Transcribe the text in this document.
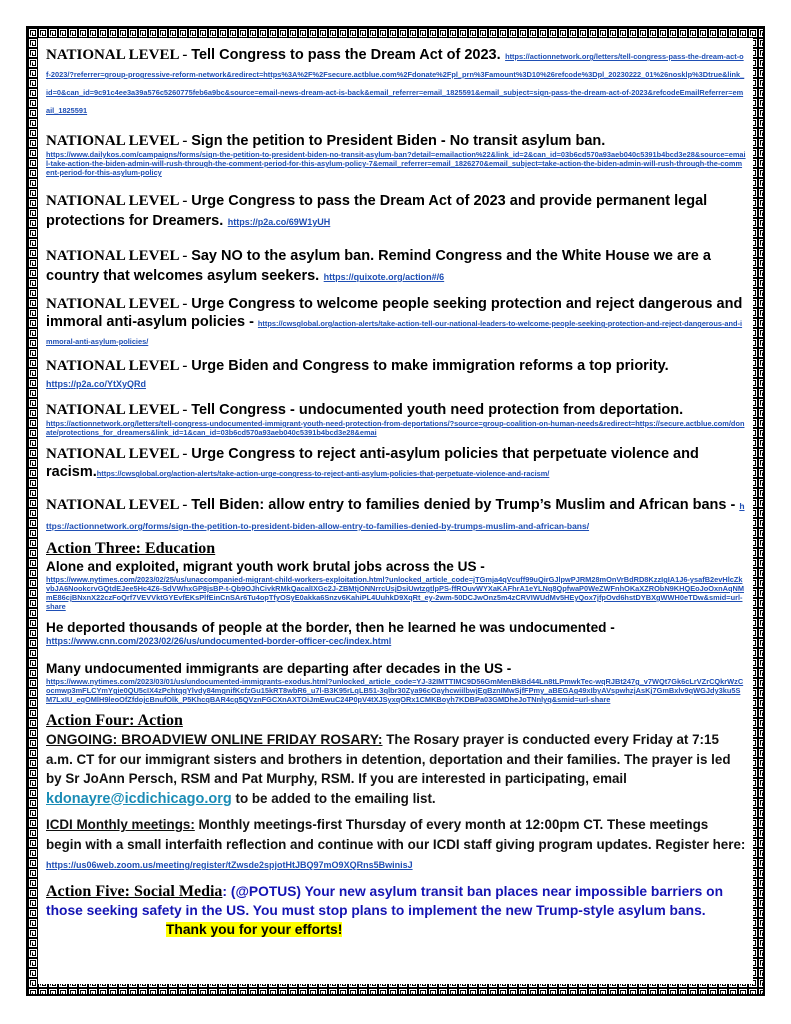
NATIONAL LEVEL - Tell Congress to pass the Dream Act of 2023. https://actionnetwork.org/letters/tell-congress-pass-the-dream-act-of-2023/?referrer=group-progressive-reform-network&redirect=https%3A%2F%2Fsecure.actblue.com%2Fdonate%2Fpl_prn%3Famount%3D10%26refcode%3Dpl_20230222_01%26nosklp%3Dtrue&link_id=0&can_id=9c91c4ee3a39a576c5260775feb6a9bc&source=email-news-dream-act-is-back&email_referrer=email_1825591&email_subject=sign-pass-the-dream-act-of-2023&refcodeEmailReferrer=email_1825591
NATIONAL LEVEL - Sign the petition to President Biden - No transit asylum ban.
https://www.dailykos.com/campaigns/forms/sign-the-petition-to-president-biden-no-transit-asylum-ban?detail=emailaction%22&link_id=2&can_id=03b6cd570a93aeb040c5391b4bcd3e28&source=email-take-action-the-biden-admin-will-rush-through-the-comment-period-for-this-asylum-policy-7&email_referrer=email_1826270&email_subject=take-action-the-biden-admin-will-rush-through-the-comment-period-for-this-asylum-policy
NATIONAL LEVEL - Urge Congress to pass the Dream Act of 2023 and provide permanent legal protections for Dreamers. https://p2a.co/69W1yUH
NATIONAL LEVEL - Say NO to the asylum ban. Remind Congress and the White House we are a country that welcomes asylum seekers. https://quixote.org/action#/6
NATIONAL LEVEL - Urge Congress to welcome people seeking protection and reject dangerous and immoral anti-asylum policies - https://cwsglobal.org/action-alerts/take-action-tell-our-national-leaders-to-welcome-people-seeking-protection-and-reject-dangerous-and-immoral-anti-asylum-policies/
NATIONAL LEVEL - Urge Biden and Congress to make immigration reforms a top priority.
https://p2a.co/YtXyQRd
NATIONAL LEVEL - Tell Congress - undocumented youth need protection from deportation.
https://actionnetwork.org/letters/tell-congress-undocumented-immigrant-youth-need-protection-from-deportations/?source=group-coalition-on-human-needs&redirect=https://secure.actblue.com/donate/protections_for_dreamers&link_id=1&can_id=03b6cd570a93aeb040c5391b4bcd3e28&emai
NATIONAL LEVEL - Urge Congress to reject anti-asylum policies that perpetuate violence and racism.https://cwsglobal.org/action-alerts/take-action-urge-congress-to-reject-anti-asylum-policies-that-perpetuate-violence-and-racism/
NATIONAL LEVEL - Tell Biden: allow entry to families denied by Trump’s Muslim and African bans - https://actionnetwork.org/forms/sign-the-petition-to-president-biden-allow-entry-to-families-denied-by-trumps-muslim-and-african-bans/
Action Three: Education
Alone and exploited, migrant youth work brutal jobs across the US -
https://www.nytimes.com/2023/02/25/us/unaccompanied-migrant-child-workers-exploitation.html?unlocked_article_code=jTGmja4qVcuff99uQirGJlpwPJRM28mOnVrBdRD8KzzIgIA1J6-ysafB2evHlcZkvbJA6NookcrvGQtdEJee5Hc4Z6-SdVWhxGP8jsBP-t-Qb9OJhCivkRMkQacalIXGc2J-ZBMtjONNrrcUsjDsiUwtzgtlpPS-ffROuvWYXaKAFhrA1eYLNq8QpfwaP0WeZWFnhOKaXZRObN9KHQEoJoOxnAqNMmE86cjBNxnX22czFoQrf7VEVVktGYEvfEKsPlfEinCnSAr6Tu4opTfyOSyE0akka6Snzv6KahiPL4UuhkD9XqRt_ey-2wm-50DCJwOnz5m4zCRVIWUdMv5HEyQox7jfpOvd6hstDYBXgWWH0eTDw&smid=url-share
He deported thousands of people at the border, then he learned he was undocumented -
https://www.cnn.com/2023/02/26/us/undocumented-border-officer-cec/index.html
Many undocumented immigrants are departing after decades in the US -
https://www.nytimes.com/2023/03/01/us/undocumented-immigrants-exodus.html?unlocked_article_code=YJ-32IMTTIMC9D56GmMenBkBd44Ln8tLPmwkTec-wqRJBt247g_v7WQt7Gk6cLrVZrCQkrWzCocmwp3mFLCYmYgie0QU5cIX4zPchtqqYlvdy84mgnifKcfzGu15kRT8wbR6_u7l-B3K95rLqLB51-3qlbr30Zya96cOayhcwiilbwjEgBznIMwSjfFPmy_aBEGAg49xIbyAVspwhzjAsKj7GmBxlv9qWGJdy3ku5SM7LxIU_eqOMlH9leoOfZfdojcBnufOlk_P5KhcqBAR4cg5QVznFGCXnAXTOiJmEwuC24P0pV4tXJSyxqORx1CMKBoyh7KDBPa03GMDheJoTNnlyq&smid=url-share
Action Four: Action
ONGOING: BROADVIEW ONLINE FRIDAY ROSARY: The Rosary prayer is conducted every Friday at 7:15 a.m. CT for our immigrant sisters and brothers in detention, deportation and their families. The prayer is led by Sr JoAnn Persch, RSM and Pat Murphy, RSM. If you are interested in participating, email kdonayre@icdichicago.org to be added to the emailing list.
ICDI Monthly meetings: Monthly meetings-first Thursday of every month at 12:00pm CT. These meetings begin with a small interfaith reflection and continue with our ICDI staff giving program updates. Register here: https://us06web.zoom.us/meeting/register/tZwsde2spjotHtJBQ97mO9XQRns5BwinisJ
Action Five: Social Media: (@POTUS) Your new asylum transit ban places near impossible barriers on those seeking safety in the US. You must stop plans to implement the new Trump-style asylum bans.Thank you for your efforts!
